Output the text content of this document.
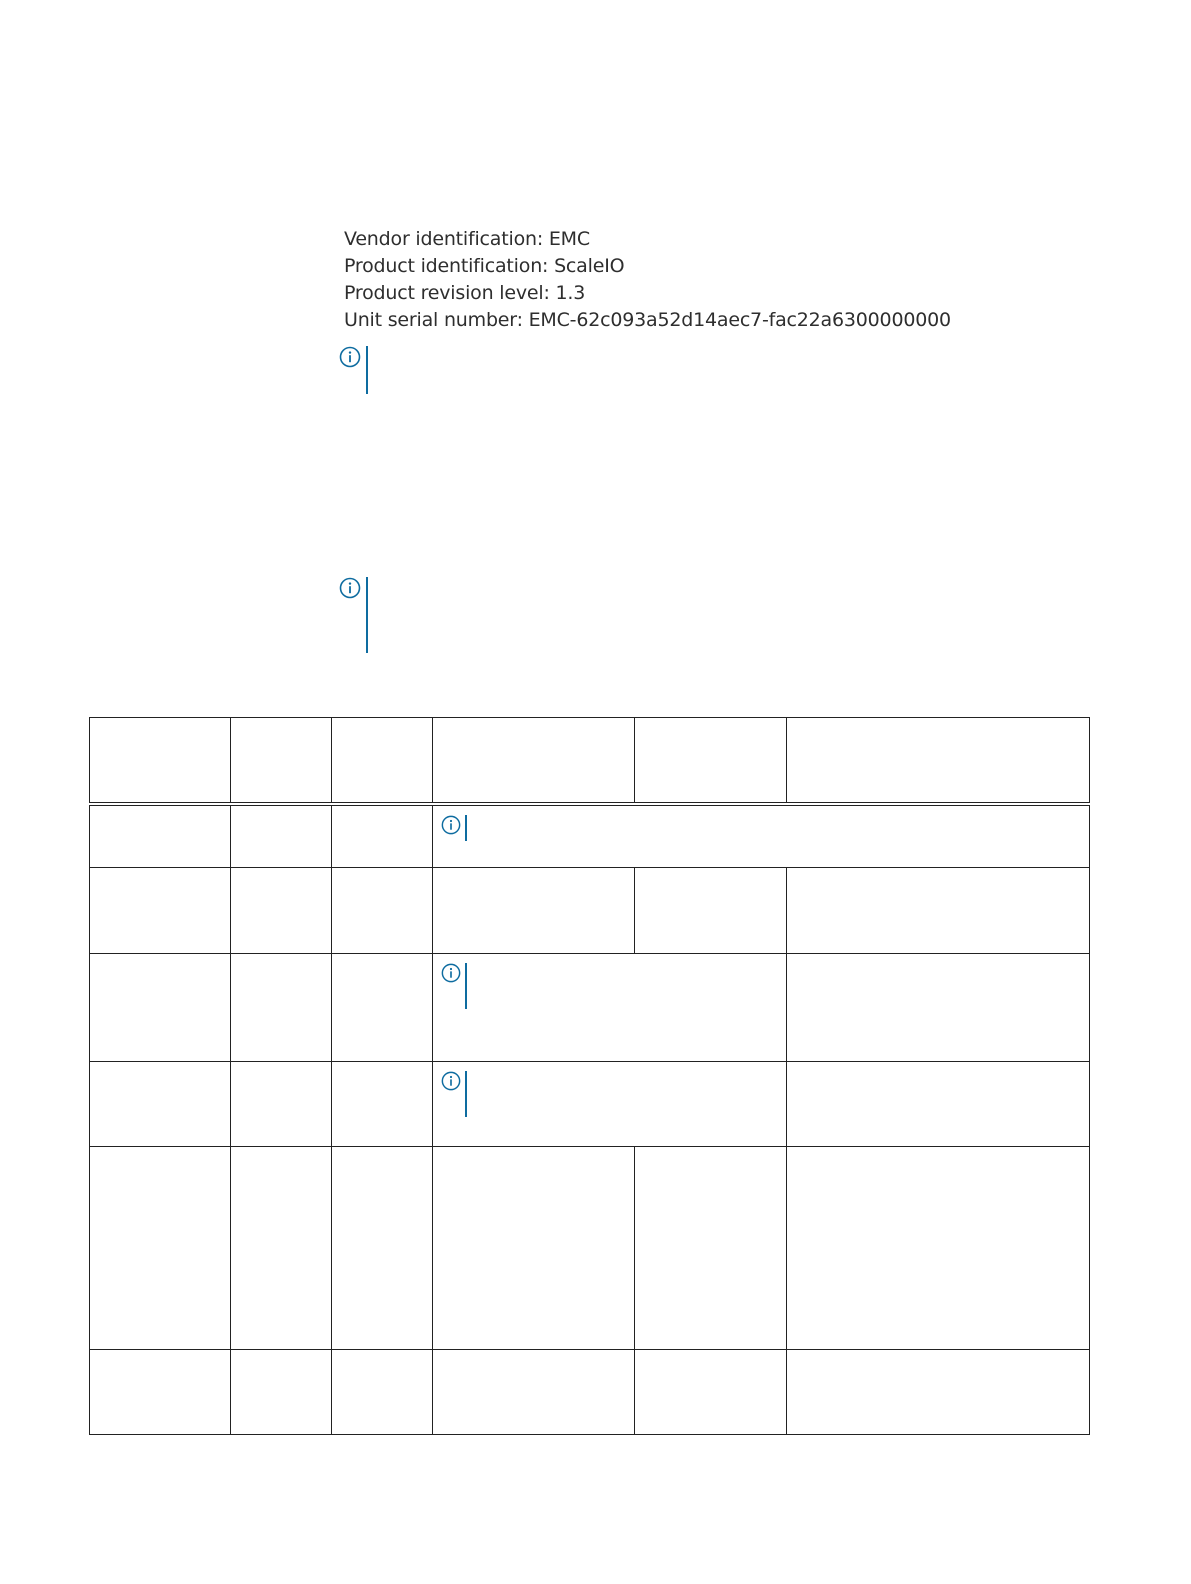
Vendor identification: EMC
Product identification: ScaleIO
Product revision level: 1.3
Unit serial number: EMC-62c093a52d14aec7-fac22a6300000000
